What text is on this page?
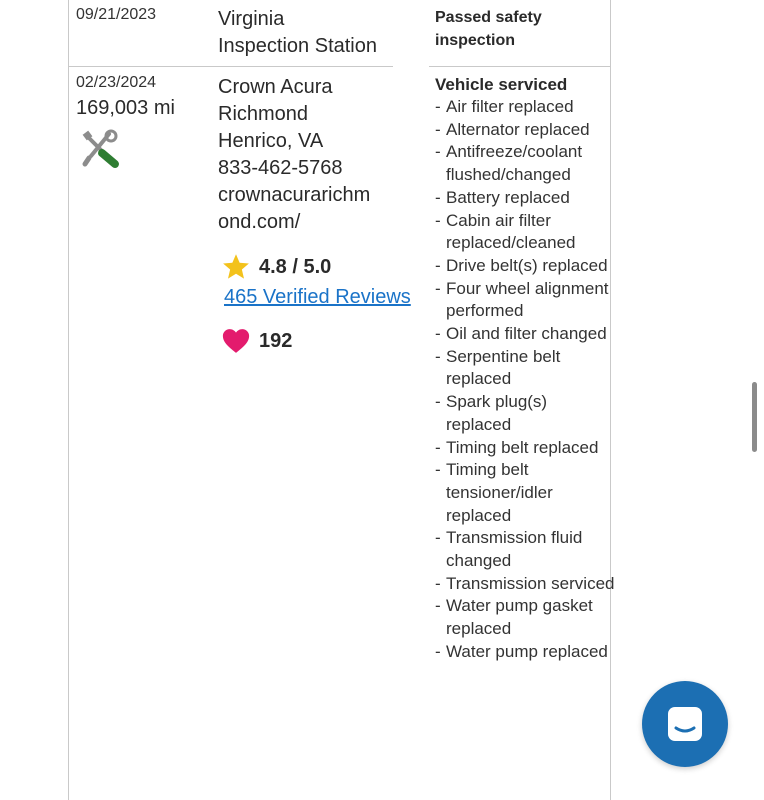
09/21/2023	Virginia
Inspection Station
Passed safety
inspection
02/23/2024
169,003 mi
Crown Acura
Richmond
Henrico, VA
833-462-5768
crownacurarichm
ond.com/
4.8 / 5.0
465 Verified Reviews
192
Vehicle serviced
- Air filter replaced
- Alternator replaced
- Antifreeze/coolant flushed/changed
- Battery replaced
- Cabin air filter replaced/cleaned
- Drive belt(s) replaced
- Four wheel alignment performed
- Oil and filter changed
- Serpentine belt replaced
- Spark plug(s) replaced
- Timing belt replaced
- Timing belt tensioner/idler replaced
- Transmission fluid changed
- Transmission serviced
- Water pump gasket replaced
- Water pump replaced
